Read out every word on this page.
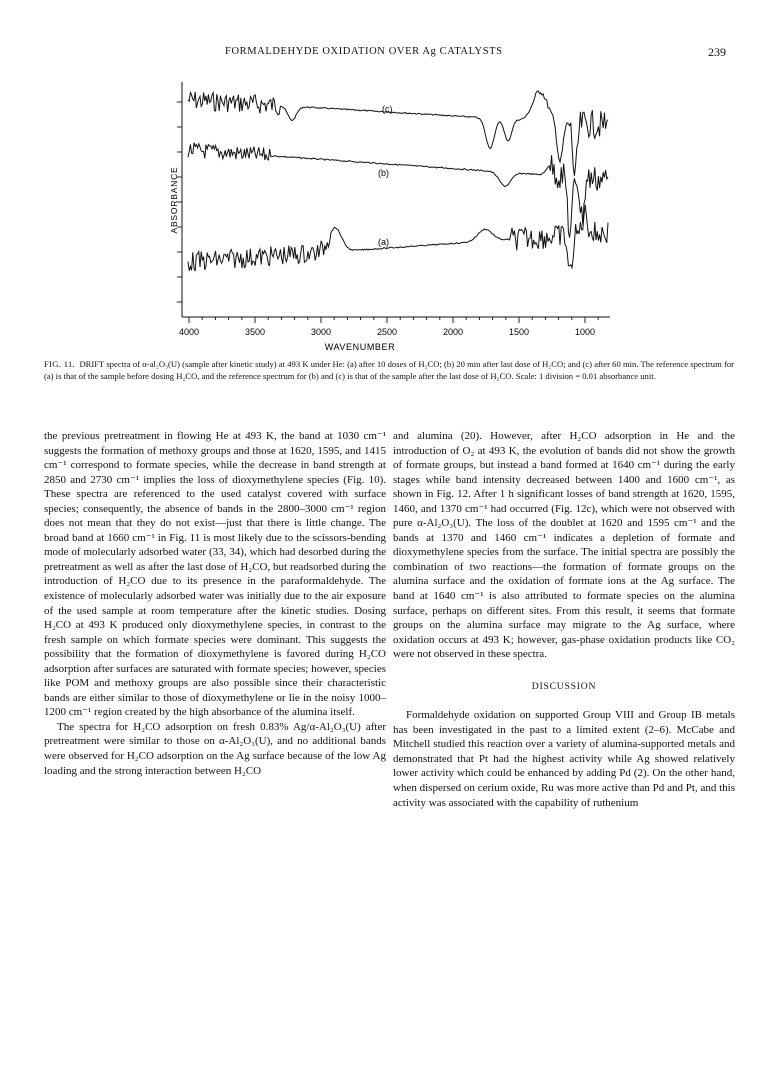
FORMALDEHYDE OXIDATION OVER Ag CATALYSTS	239
4000	3500	3000	2500	2000	1500	1000
ABSORBANCE
WAVENUMBER
(c)
(b)
(a)
FIG. 11. DRIFT spectra of α-al₂O₃(U) (sample after kinetic study) at 493 K under He: (a) after 10 doses of H₂CO; (b) 20 min after last dose of H₂CO; and (c) after 60 min. The reference spectrum for (a) is that of the sample before dosing H₂CO, and the reference spectrum for (b) and (c) is that of the sample after the last dose of H₂CO. Scale: 1 division = 0.01 absorbance unit.

the previous pretreatment in flowing He at 493 K, the band at 1030 cm⁻¹ suggests the formation of methoxy groups and those at 1620, 1595, and 1415 cm⁻¹ correspond to formate species, while the decrease in band strength at 2850 and 2730 cm⁻¹ implies the loss of dioxymethylene species (Fig. 10). These spectra are referenced to the used catalyst covered with surface species; consequently, the absence of bands in the 2800–3000 cm⁻¹ region does not mean that they do not exist—just that there is little change. The broad band at 1660 cm⁻¹ in Fig. 11 is most likely due to the scissors-bending mode of molecularly adsorbed water (33, 34), which had desorbed during the pretreatment as well as after the last dose of H₂CO, but readsorbed during the introduction of H₂CO due to its presence in the paraformaldehyde. The existence of molecularly adsorbed water was initially due to the air exposure of the used sample at room temperature after the kinetic studies. Dosing H₂CO at 493 K produced only dioxymethylene species, in contrast to the fresh sample on which formate species were dominant. This suggests the possibility that the formation of dioxymethylene is favored during H₂CO adsorption after surfaces are saturated with formate species; however, species like POM and methoxy groups are also possible since their characteristic bands are either similar to those of dioxymethylene or lie in the noisy 1000–1200 cm⁻¹ region created by the high absorbance of the alumina itself.

The spectra for H₂CO adsorption on fresh 0.83% Ag/α-Al₂O₃(U) after pretreatment were similar to those on α-Al₂O₃(U), and no additional bands were observed for H₂CO adsorption on the Ag surface because of the low Ag loading and the strong interaction between H₂CO

and alumina (20). However, after H₂CO adsorption in He and the introduction of O₂ at 493 K, the evolution of bands did not show the growth of formate groups, but instead a band formed at 1640 cm⁻¹ during the early stages while band intensity decreased between 1400 and 1600 cm⁻¹, as shown in Fig. 12. After 1 h significant losses of band strength at 1620, 1595, 1460, and 1370 cm⁻¹ had occurred (Fig. 12c), which were not observed with pure α-Al₂O₃(U). The loss of the doublet at 1620 and 1595 cm⁻¹ and the bands at 1370 and 1460 cm⁻¹ indicates a depletion of formate and dioxymethylene species from the surface. The initial spectra are possibly the combination of two reactions—the formation of formate groups on the alumina surface and the oxidation of formate ions at the Ag surface. The band at 1640 cm⁻¹ is also attributed to formate species on the alumina surface, perhaps on different sites. From this result, it seems that formate groups on the alumina surface may migrate to the Ag surface, where oxidation occurs at 493 K; however, gas-phase oxidation products like CO₂ were not observed in these spectra.

DISCUSSION

Formaldehyde oxidation on supported Group VIII and Group IB metals has been investigated in the past to a limited extent (2–6). McCabe and Mitchell studied this reaction over a variety of alumina-supported metals and demonstrated that Pt had the highest activity while Ag showed relatively lower activity which could be enhanced by adding Pd (2). On the other hand, when dispersed on cerium oxide, Ru was more active than Pd and Pt, and this activity was associated with the capability of ruthenium
